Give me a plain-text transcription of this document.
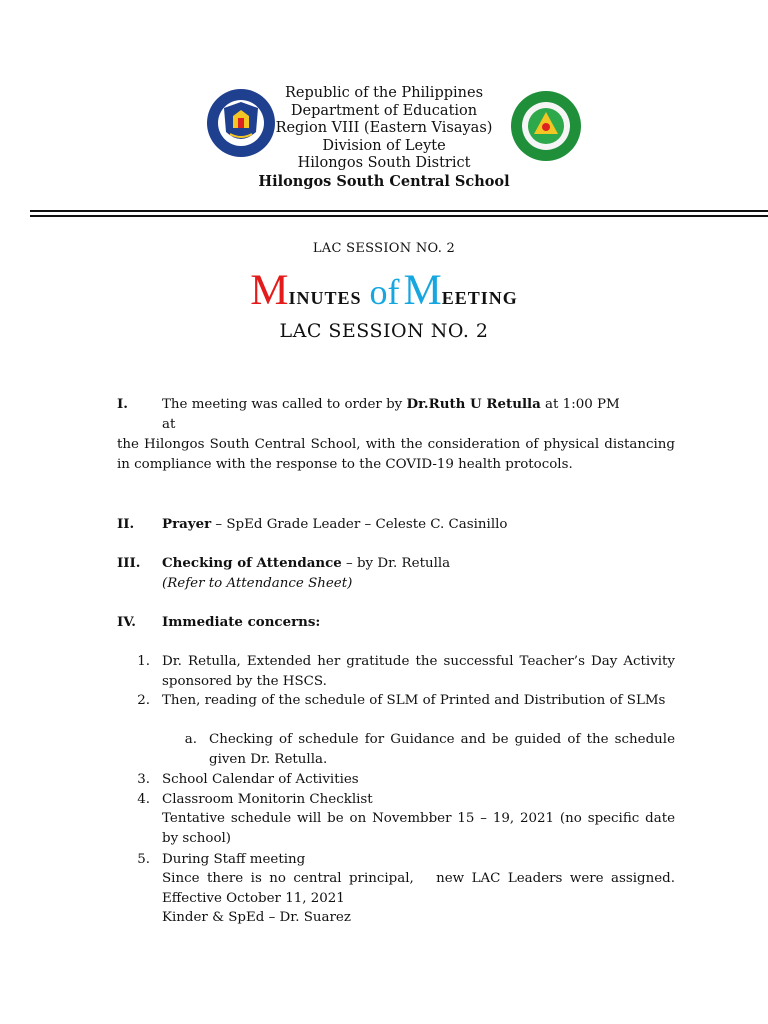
Republic of the Philippines
Department of Education
Region VIII (Eastern Visayas)
Division of Leyte
Hilongos South District
Hilongos South Central School
LAC SESSION NO. 2
MINUTES of MEETING
LAC SESSION NO. 2
I.	The meeting was called to order by Dr.Ruth U Retulla at 1:00 PM
at
the Hilongos South Central School, with the consideration of physical distancing in compliance with the response to the COVID-19 health protocols.
II. Prayer – SpEd Grade Leader – Celeste C. Casinillo
III. Checking of Attendance – by Dr. Retulla
(Refer to Attendance Sheet)
IV. Immediate concerns:
1. Dr. Retulla, Extended her gratitude the successful Teacher’s Day Activity sponsored by the HSCS.
2. Then, reading of the schedule of SLM of Printed and Distribution of SLMs
a. Checking of schedule for Guidance and be guided of the schedule given Dr. Retulla.
3. School Calendar of Activities
4. Classroom Monitorin Checklist
Tentative schedule will be on Novembber 15 – 19, 2021 (no specific date by school)
5. During Staff meeting
Since there is no central principal,   new LAC Leaders were assigned. Effective October 11, 2021
Kinder & SpEd – Dr. Suarez
